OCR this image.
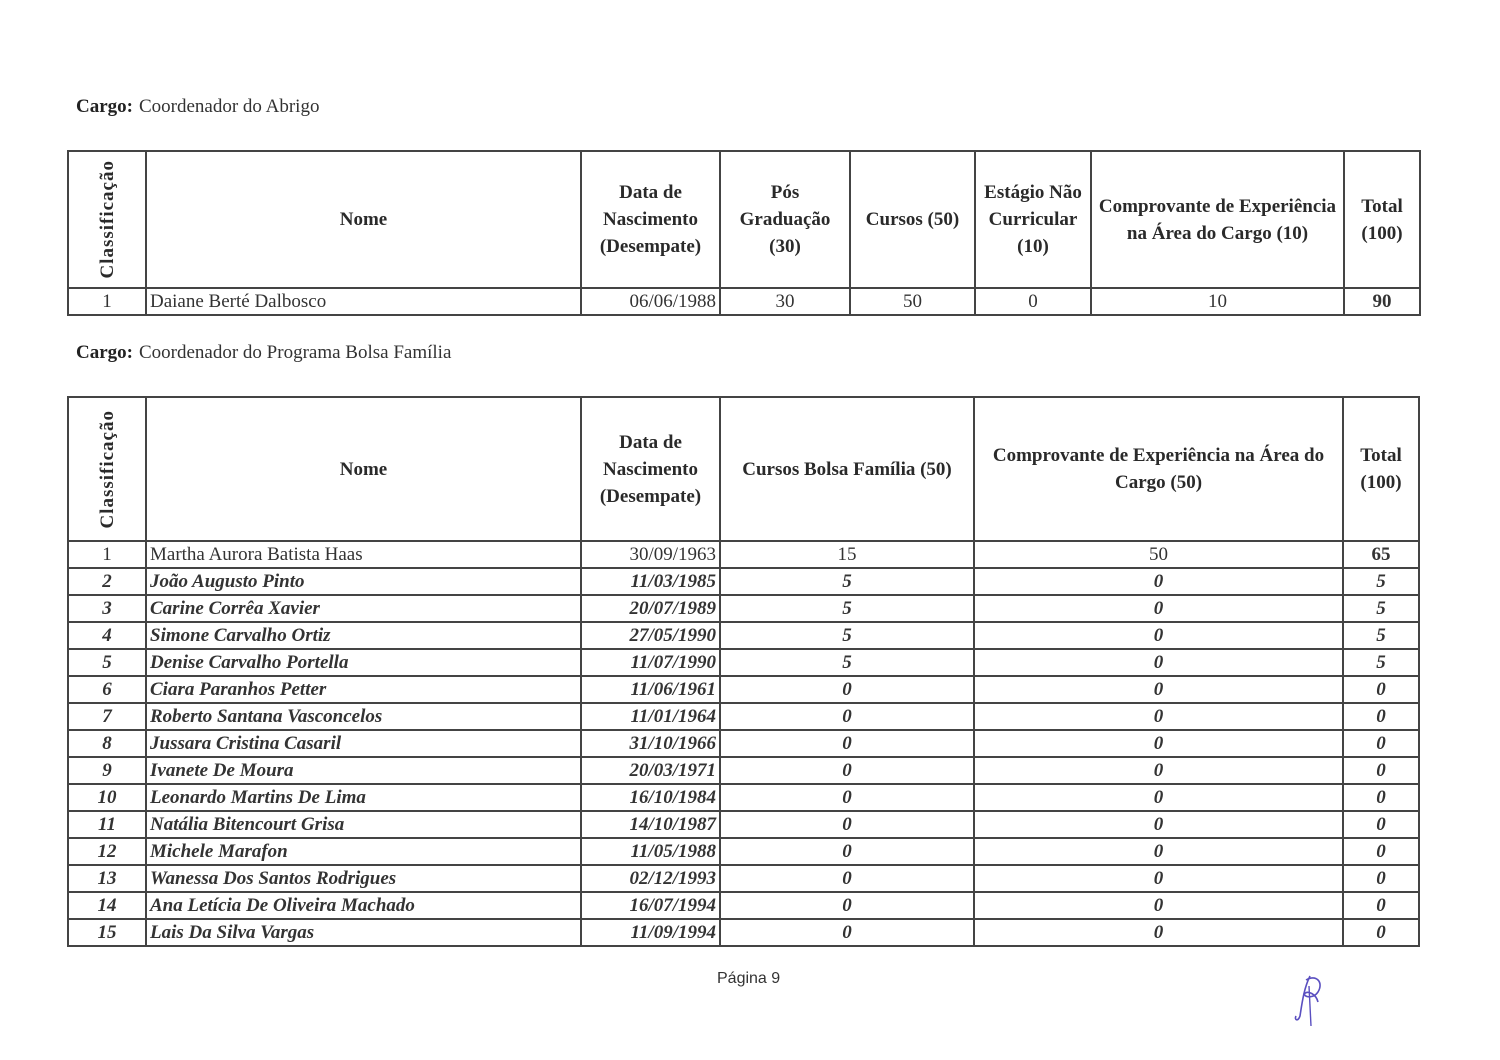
Cargo: Coordenador do Abrigo
Classificação	Nome	Data de Nascimento (Desempate)	Pós Graduação (30)	Cursos (50)	Estágio Não Curricular (10)	Comprovante de Experiência na Área do Cargo (10)	Total (100)
1	Daiane Berté Dalbosco	06/06/1988	30	50	0	10	90
Cargo: Coordenador do Programa Bolsa Família
Classificação	Nome	Data de Nascimento (Desempate)	Cursos Bolsa Família (50)	Comprovante de Experiência na Área do Cargo (50)	Total (100)
1	Martha Aurora Batista Haas	30/09/1963	15	50	65
2	João Augusto Pinto	11/03/1985	5	0	5
3	Carine Corrêa Xavier	20/07/1989	5	0	5
4	Simone Carvalho Ortiz	27/05/1990	5	0	5
5	Denise Carvalho Portella	11/07/1990	5	0	5
6	Ciara Paranhos Petter	11/06/1961	0	0	0
7	Roberto Santana Vasconcelos	11/01/1964	0	0	0
8	Jussara Cristina Casaril	31/10/1966	0	0	0
9	Ivanete De Moura	20/03/1971	0	0	0
10	Leonardo Martins De Lima	16/10/1984	0	0	0
11	Natália Bitencourt Grisa	14/10/1987	0	0	0
12	Michele Marafon	11/05/1988	0	0	0
13	Wanessa Dos Santos Rodrigues	02/12/1993	0	0	0
14	Ana Letícia De Oliveira Machado	16/07/1994	0	0	0
15	Lais Da Silva Vargas	11/09/1994	0	0	0
Página 9
